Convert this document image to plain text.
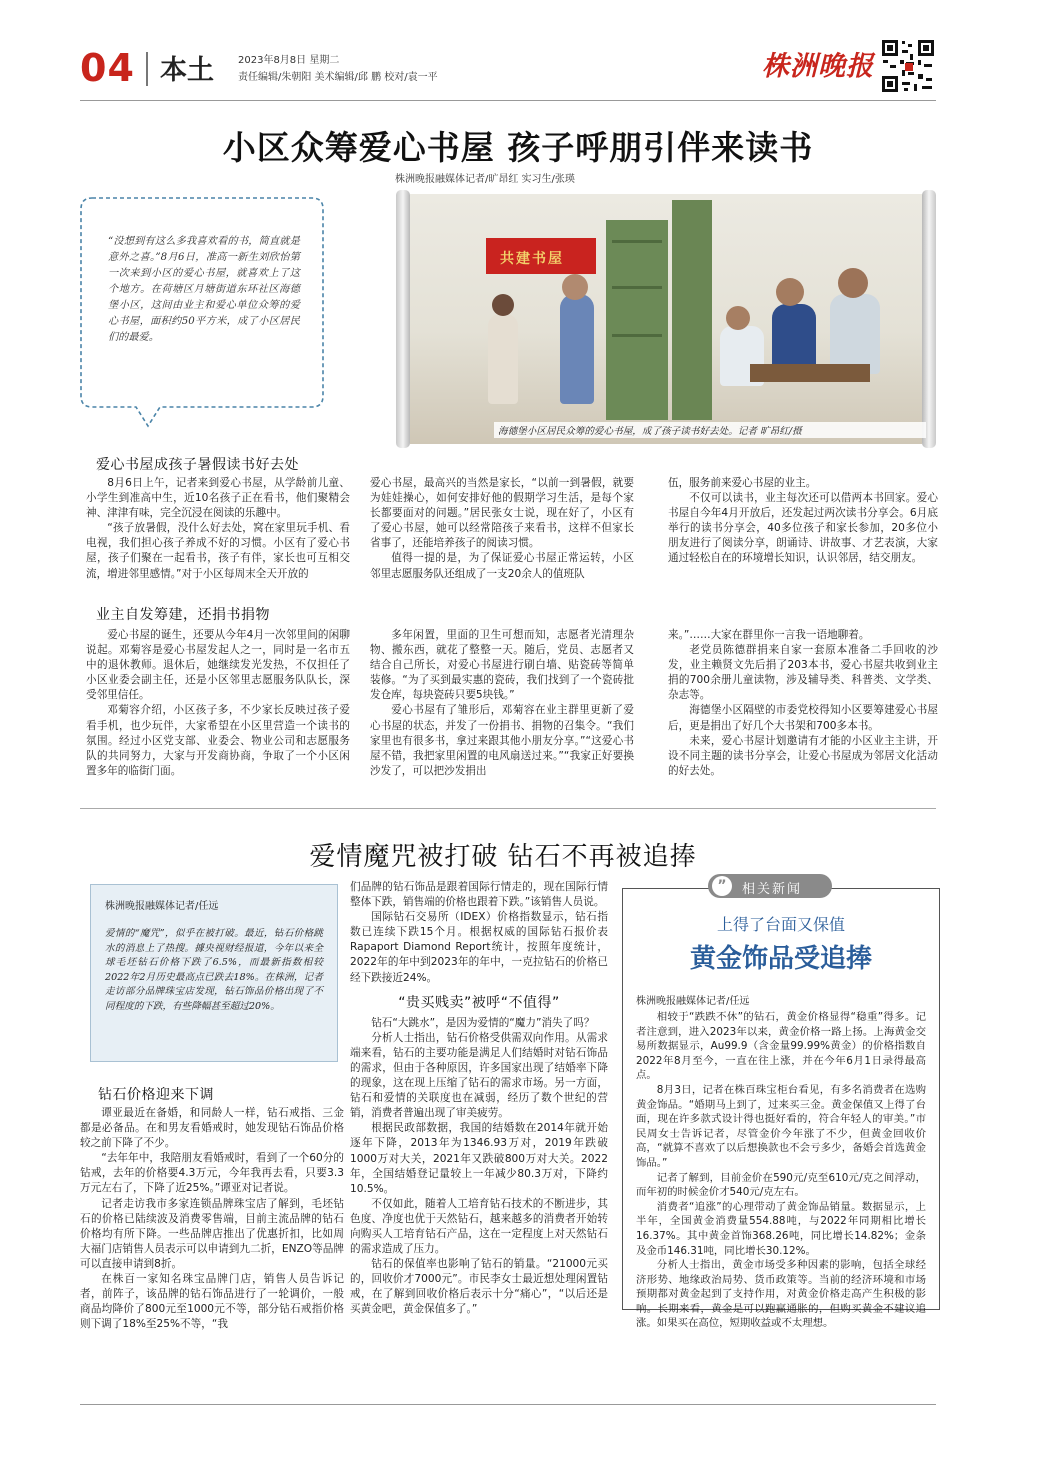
04 本土 2023年8月8日 星期二
责任编辑/朱朝阳 美术编辑/邱 鹏 校对/袁一平	株洲晚报
小区众筹爱心书屋 孩子呼朋引伴来读书
株洲晚报融媒体记者/旷昂红 实习生/张瑛

“没想到有这么多我喜欢看的书，简直就是意外之喜。”8月6日，准高一新生刘欣怡第一次来到小区的爱心书屋，就喜欢上了这个地方。在荷塘区月塘街道东环社区海德堡小区，这间由业主和爱心单位众筹的爱心书屋，面积约50平方米，成了小区居民们的最爱。

共建书屋
海德堡小区居民众筹的爱心书屋，成了孩子读书好去处。记者 旷昂红/摄
爱心书屋成孩子暑假读书好去处

8月6日上午，记者来到爱心书屋，从学龄前儿童、小学生到准高中生，近10名孩子正在看书，他们聚精会神、津津有味，完全沉浸在阅读的乐趣中。

“孩子放暑假，没什么好去处，窝在家里玩手机、看电视，我们担心孩子养成不好的习惯。小区有了爱心书屋，孩子们聚在一起看书，孩子有伴，家长也可互相交流，增进邻里感情。”对于小区每周末全天开放的

爱心书屋，最高兴的当然是家长，“以前一到暑假，就要为娃娃操心，如何安排好他的假期学习生活，是每个家长都要面对的问题。”居民张女士说，现在好了，小区有了爱心书屋，她可以经常陪孩子来看书，这样不但家长省事了，还能培养孩子的阅读习惯。

值得一提的是，为了保证爱心书屋正常运转，小区邻里志愿服务队还组成了一支20余人的值班队

伍，服务前来爱心书屋的业主。

不仅可以读书，业主每次还可以借两本书回家。爱心书屋自今年4月开放后，还发起过两次读书分享会。6月底举行的读书分享会，40多位孩子和家长参加，20多位小朋友进行了阅读分享，朗诵诗、讲故事、才艺表演，大家通过轻松自在的环境增长知识，认识邻居，结交朋友。

业主自发筹建，还捐书捐物

爱心书屋的诞生，还要从今年4月一次邻里间的闲聊说起。邓菊容是爱心书屋发起人之一，同时是一名市五中的退休教师。退休后，她继续发光发热，不仅担任了小区业委会副主任，还是小区邻里志愿服务队队长，深受邻里信任。

邓菊容介绍，小区孩子多，不少家长反映过孩子爱看手机，也少玩伴，大家希望在小区里营造一个读书的氛围。经过小区党支部、业委会、物业公司和志愿服务队的共同努力，大家与开发商协商，争取了一个小区闲置多年的临街门面。

多年闲置，里面的卫生可想而知，志愿者光清理杂物、搬东西，就花了整整一天。随后，党员、志愿者又结合自己所长，对爱心书屋进行刷白墙、贴瓷砖等简单装修。“为了买到最实惠的瓷砖，我们找到了一个瓷砖批发仓库，每块瓷砖只要5块钱。”

爱心书屋有了雏形后，邓菊容在业主群里更新了爱心书屋的状态，并发了一份捐书、捐物的召集令。“我们家里也有很多书，拿过来跟其他小朋友分享。”“这爱心书屋不错，我把家里闲置的电风扇送过来。”“我家正好要换沙发了，可以把沙发捐出

来。”……大家在群里你一言我一语地聊着。

老党员陈德群捐来自家一套原本准备二手回收的沙发，业主赖贤文先后捐了203本书，爱心书屋共收到业主捐的700余册儿童读物，涉及辅导类、科普类、文学类、杂志等。

海德堡小区隔壁的市委党校得知小区要筹建爱心书屋后，更是捐出了好几个大书架和700多本书。

未来，爱心书屋计划邀请有才能的小区业主主讲，开设不同主题的读书分享会，让爱心书屋成为邻居文化活动的好去处。

爱情魔咒被打破 钻石不再被追捧
株洲晚报融媒体记者/任远

爱情的“魔咒”，似乎在被打破。最近，钻石价格跳水的消息上了热搜。據央视财经报道，今年以来全球毛坯钻石价格下跌了6.5%，而最新指数相较2022年2月历史最高点已跌去18%。在株洲，记者走访部分品牌珠宝店发现，钻石饰品价格出现了不同程度的下跌，有些降幅甚至超过20%。

钻石价格迎来下调

谭亚最近在备婚，和同龄人一样，钻石戒指、三金都是必备品。在和男友看婚戒时，她发现钻石饰品价格较之前下降了不少。

“去年年中，我陪朋友看婚戒时，看到了一个60分的钻戒，去年的价格要4.3万元，今年我再去看，只要3.3万元左右了，下降了近25%。”谭亚对记者说。

记者走访我市多家连锁品牌珠宝店了解到，毛坯钻石的价格已陆续波及消费零售端，目前主流品牌的钻石价格均有所下降。一些品牌店推出了优惠折扣，比如周大福门店销售人员表示可以申请到九二折，ENZO等品牌可以直接申请到8折。

在株百一家知名珠宝品牌门店，销售人员告诉记者，前阵子，该品牌的钻石饰品进行了一轮调价，一般商品均降价了800元至1000元不等，部分钻石戒指价格则下调了18%至25%不等，“我

们品牌的钻石饰品是跟着国际行情走的，现在国际行情整体下跌，销售端的价格也跟着下跌。”该销售人员说。

国际钻石交易所（IDEX）价格指数显示，钻石指数已连续下跌15个月。根据权威的国际钻石报价表Rapaport Diamond Report统计，按照年度统计，2022年的年中到2023年的年中，一克拉钻石的价格已经下跌接近24%。

“贵买贱卖”被呼“不值得”

钻石“大跳水”，是因为爱情的“魔力”消失了吗？

分析人士指出，钻石价格受供需双向作用。从需求端来看，钻石的主要功能是满足人们结婚时对钻石饰品的需求，但由于各种原因，许多国家出现了结婚率下降的现象，这在现上压缩了钻石的需求市场。另一方面，钻石和爱情的关联度也在减弱，经历了数个世纪的营销，消费者普遍出现了审美疲劳。

根据民政部数据，我国的结婚数在2014年就开始逐年下降，2013年为1346.93万对，2019年跌破1000万对大关，2021年又跌破800万对大关。2022年，全国结婚登记量较上一年减少80.3万对，下降约10.5%。

不仅如此，随着人工培育钻石技术的不断进步，其色度、净度也优于天然钻石，越来越多的消费者开始转向购买人工培育钻石产品，这在一定程度上对天然钻石的需求造成了压力。

钻石的保值率也影响了钻石的销量。“21000元买的，回收价才7000元”。市民李女士最近想处理闲置钻戒，在了解到回收价格后表示十分“痛心”，“以后还是买黄金吧，黄金保值多了。”

”	相关新闻
上得了台面又保值
黄金饰品受追捧
株洲晚报融媒体记者/任远

相较于“跌跌不休”的钻石，黄金价格显得“稳重”得多。记者注意到，进入2023年以来，黄金价格一路上扬。上海黄金交易所数据显示，Au99.9（含金量99.99%黄金）的价格指数自2022年8月至今，一直在往上涨，并在今年6月1日录得最高点。

8月3日，记者在株百珠宝柜台看见，有多名消费者在选购黄金饰品。“婚期马上到了，过来买三金。黄金保值又上得了台面，现在许多款式设计得也挺好看的，符合年轻人的审美。”市民周女士告诉记者，尽管金价今年涨了不少，但黄金回收价高，“就算不喜欢了以后想换款也不会亏多少，备婚会首选黄金饰品。”

记者了解到，目前金价在590元/克至610元/克之间浮动，而年初的时候金价才540元/克左右。

消费者“追涨”的心理带动了黄金饰品销量。数据显示，上半年，全国黄金消费量554.88吨，与2022年同期相比增长16.37%。其中黄金首饰368.26吨，同比增长14.82%；金条及金币146.31吨，同比增长30.12%。

分析人士指出，黄金市场受多种因素的影响，包括全球经济形势、地缘政治局势、货币政策等。当前的经济环境和市场预期都对黄金起到了支持作用，对黄金价格走高产生积极的影响。长期来看，黄金是可以跑赢通胀的，但购买黄金不建议追涨。如果买在高位，短期收益或不太理想。
